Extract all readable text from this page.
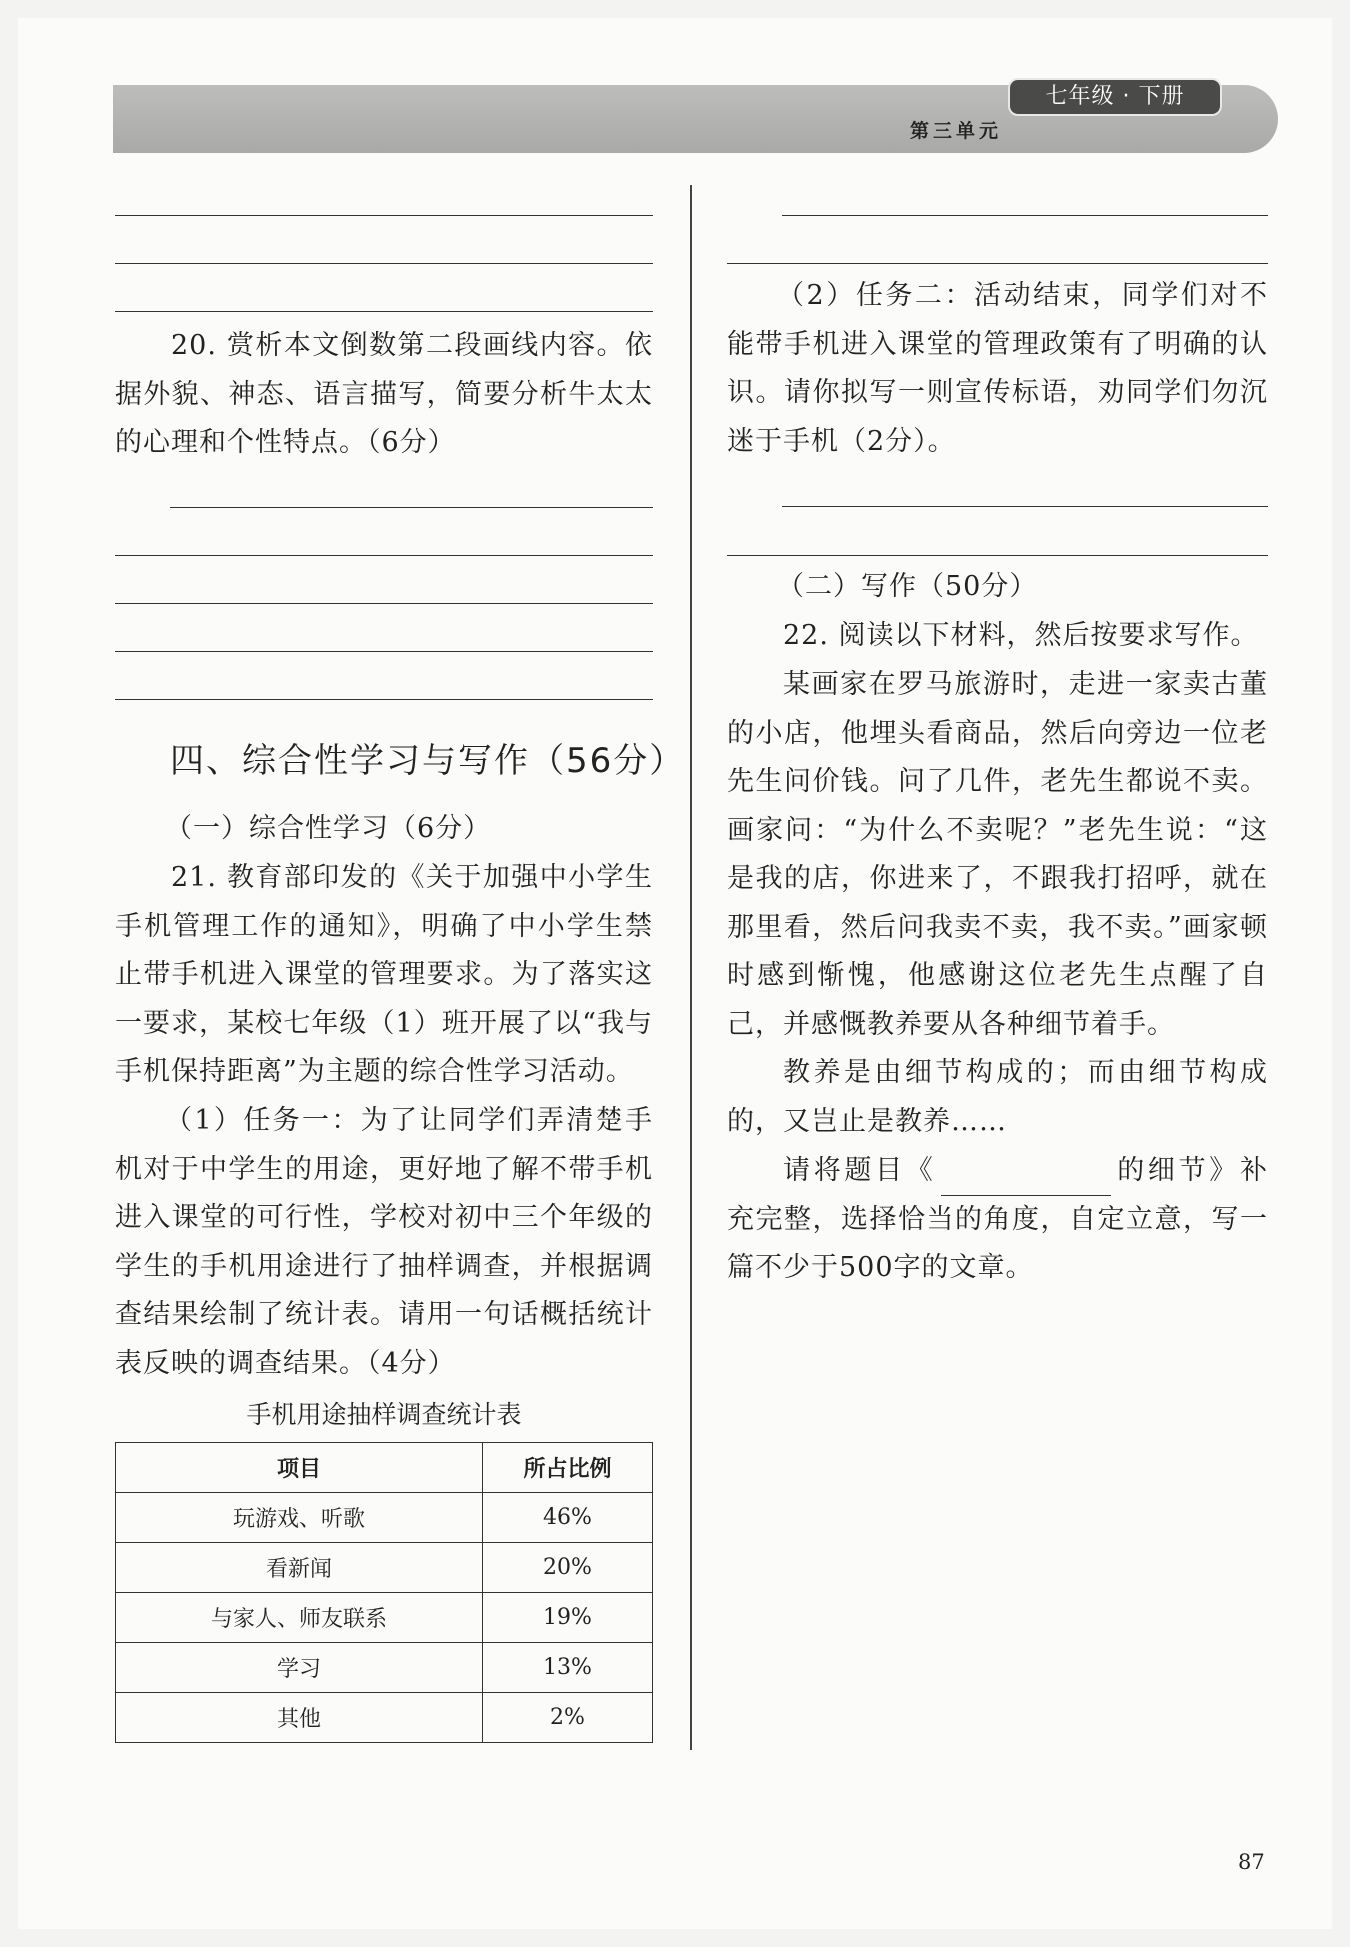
七年级 · 下册
第三单元
20. 赏析本文倒数第二段画线内容。依据外貌、神态、语言描写，简要分析牛太太的心理和个性特点。（6分）
四、综合性学习与写作（56分）
（一）综合性学习（6分）
21. 教育部印发的《关于加强中小学生手机管理工作的通知》，明确了中小学生禁止带手机进入课堂的管理要求。为了落实这一要求，某校七年级（1）班开展了以“我与手机保持距离”为主题的综合性学习活动。
（1）任务一：为了让同学们弄清楚手机对于中学生的用途，更好地了解不带手机进入课堂的可行性，学校对初中三个年级的学生的手机用途进行了抽样调查，并根据调查结果绘制了统计表。请用一句话概括统计表反映的调查结果。（4分）
手机用途抽样调查统计表
项目	所占比例
玩游戏、听歌	46%
看新闻	20%
与家人、师友联系	19%
学习	13%
其他	2%
（2）任务二：活动结束，同学们对不能带手机进入课堂的管理政策有了明确的认识。请你拟写一则宣传标语，劝同学们勿沉迷于手机（2分）。
（二）写作（50分）
22. 阅读以下材料，然后按要求写作。
某画家在罗马旅游时，走进一家卖古董的小店，他埋头看商品，然后向旁边一位老先生问价钱。问了几件，老先生都说不卖。画家问：“为什么不卖呢？”老先生说：“这是我的店，你进来了，不跟我打招呼，就在那里看，然后问我卖不卖，我不卖。”画家顿时感到惭愧，他感谢这位老先生点醒了自己，并感慨教养要从各种细节着手。
教养是由细节构成的；而由细节构成的，又岂止是教养……
请将题目《	的细节》补充完整，选择恰当的角度，自定立意，写一篇不少于500字的文章。
87
